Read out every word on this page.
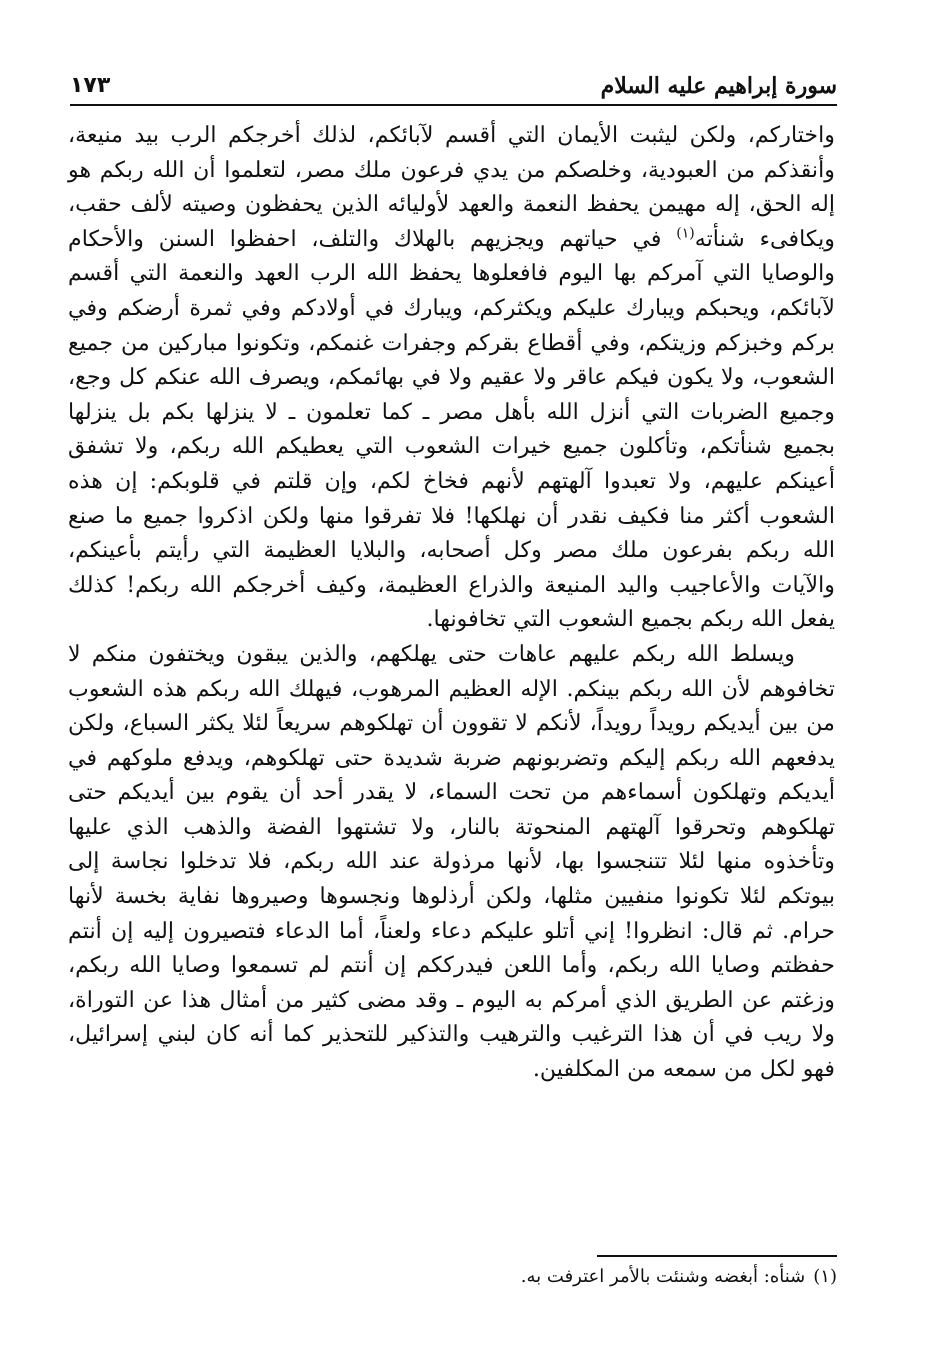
سورة إبراهيم عليه السلام
١٧٣

واختاركم، ولكن ليثبت الأيمان التي أقسم لآبائكم، لذلك أخرجكم الرب بيد منيعة، وأنقذكم من العبودية، وخلصكم من يدي فرعون ملك مصر، لتعلموا أن الله ربكم هو إله الحق، إله مهيمن يحفظ النعمة والعهد لأوليائه الذين يحفظون وصيته لألف حقب، ويكافىء شنأته$^{(١)}$ في حياتهم ويجزيهم بالهلاك والتلف، احفظوا السنن والأحكام والوصايا التي آمركم بها اليوم فافعلوها يحفظ الله الرب العهد والنعمة التي أقسم لآبائكم، ويحبكم ويبارك عليكم ويكثركم، ويبارك في أولادكم وفي ثمرة أرضكم وفي بركم وخبزكم وزيتكم، وفي أقطاع بقركم وجفرات غنمكم، وتكونوا مباركين من جميع الشعوب، ولا يكون فيكم عاقر ولا عقيم ولا في بهائمكم، ويصرف الله عنكم كل وجع، وجميع الضربات التي أنزل الله بأهل مصر ـ كما تعلمون ـ لا ينزلها بكم بل ينزلها بجميع شنأتكم، وتأكلون جميع خيرات الشعوب التي يعطيكم الله ربكم، ولا تشفق أعينكم عليهم، ولا تعبدوا آلهتهم لأنهم فخاخ لكم، وإن قلتم في قلوبكم: إن هذه الشعوب أكثر منا فكيف نقدر أن نهلكها! فلا تفرقوا منها ولكن اذكروا جميع ما صنع الله ربكم بفرعون ملك مصر وكل أصحابه، والبلايا العظيمة التي رأيتم بأعينكم، والآيات والأعاجيب واليد المنيعة والذراع العظيمة، وكيف أخرجكم الله ربكم! كذلك يفعل الله ربكم بجميع الشعوب التي تخافونها.

ويسلط الله ربكم عليهم عاهات حتى يهلكهم، والذين يبقون ويختفون منكم لا تخافوهم لأن الله ربكم بينكم. الإله العظيم المرهوب، فيهلك الله ربكم هذه الشعوب من بين أيديكم رويداً رويداً، لأنكم لا تقوون أن تهلكوهم سريعاً لئلا يكثر السباع، ولكن يدفعهم الله ربكم إليكم وتضربونهم ضربة شديدة حتى تهلكوهم، ويدفع ملوكهم في أيديكم وتهلكون أسماءهم من تحت السماء، لا يقدر أحد أن يقوم بين أيديكم حتى تهلكوهم وتحرقوا آلهتهم المنحوتة بالنار، ولا تشتهوا الفضة والذهب الذي عليها وتأخذوه منها لئلا تتنجسوا بها، لأنها مرذولة عند الله ربكم، فلا تدخلوا نجاسة إلى بيوتكم لئلا تكونوا منفيين مثلها، ولكن أرذلوها ونجسوها وصيروها نفاية بخسة لأنها حرام. ثم قال: انظروا! إني أتلو عليكم دعاء ولعناً، أما الدعاء فتصيرون إليه إن أنتم حفظتم وصايا الله ربكم، وأما اللعن فيدرككم إن أنتم لم تسمعوا وصايا الله ربكم، وزغتم عن الطريق الذي أمركم به اليوم ـ وقد مضى كثير من أمثال هذا عن التوراة، ولا ريب في أن هذا الترغيب والترهيب والتذكير للتحذير كما أنه كان لبني إسرائيل، فهو لكل من سمعه من المكلفين.

(١)
شنأه: أبغضه وشنئت بالأمر اعترفت به.
